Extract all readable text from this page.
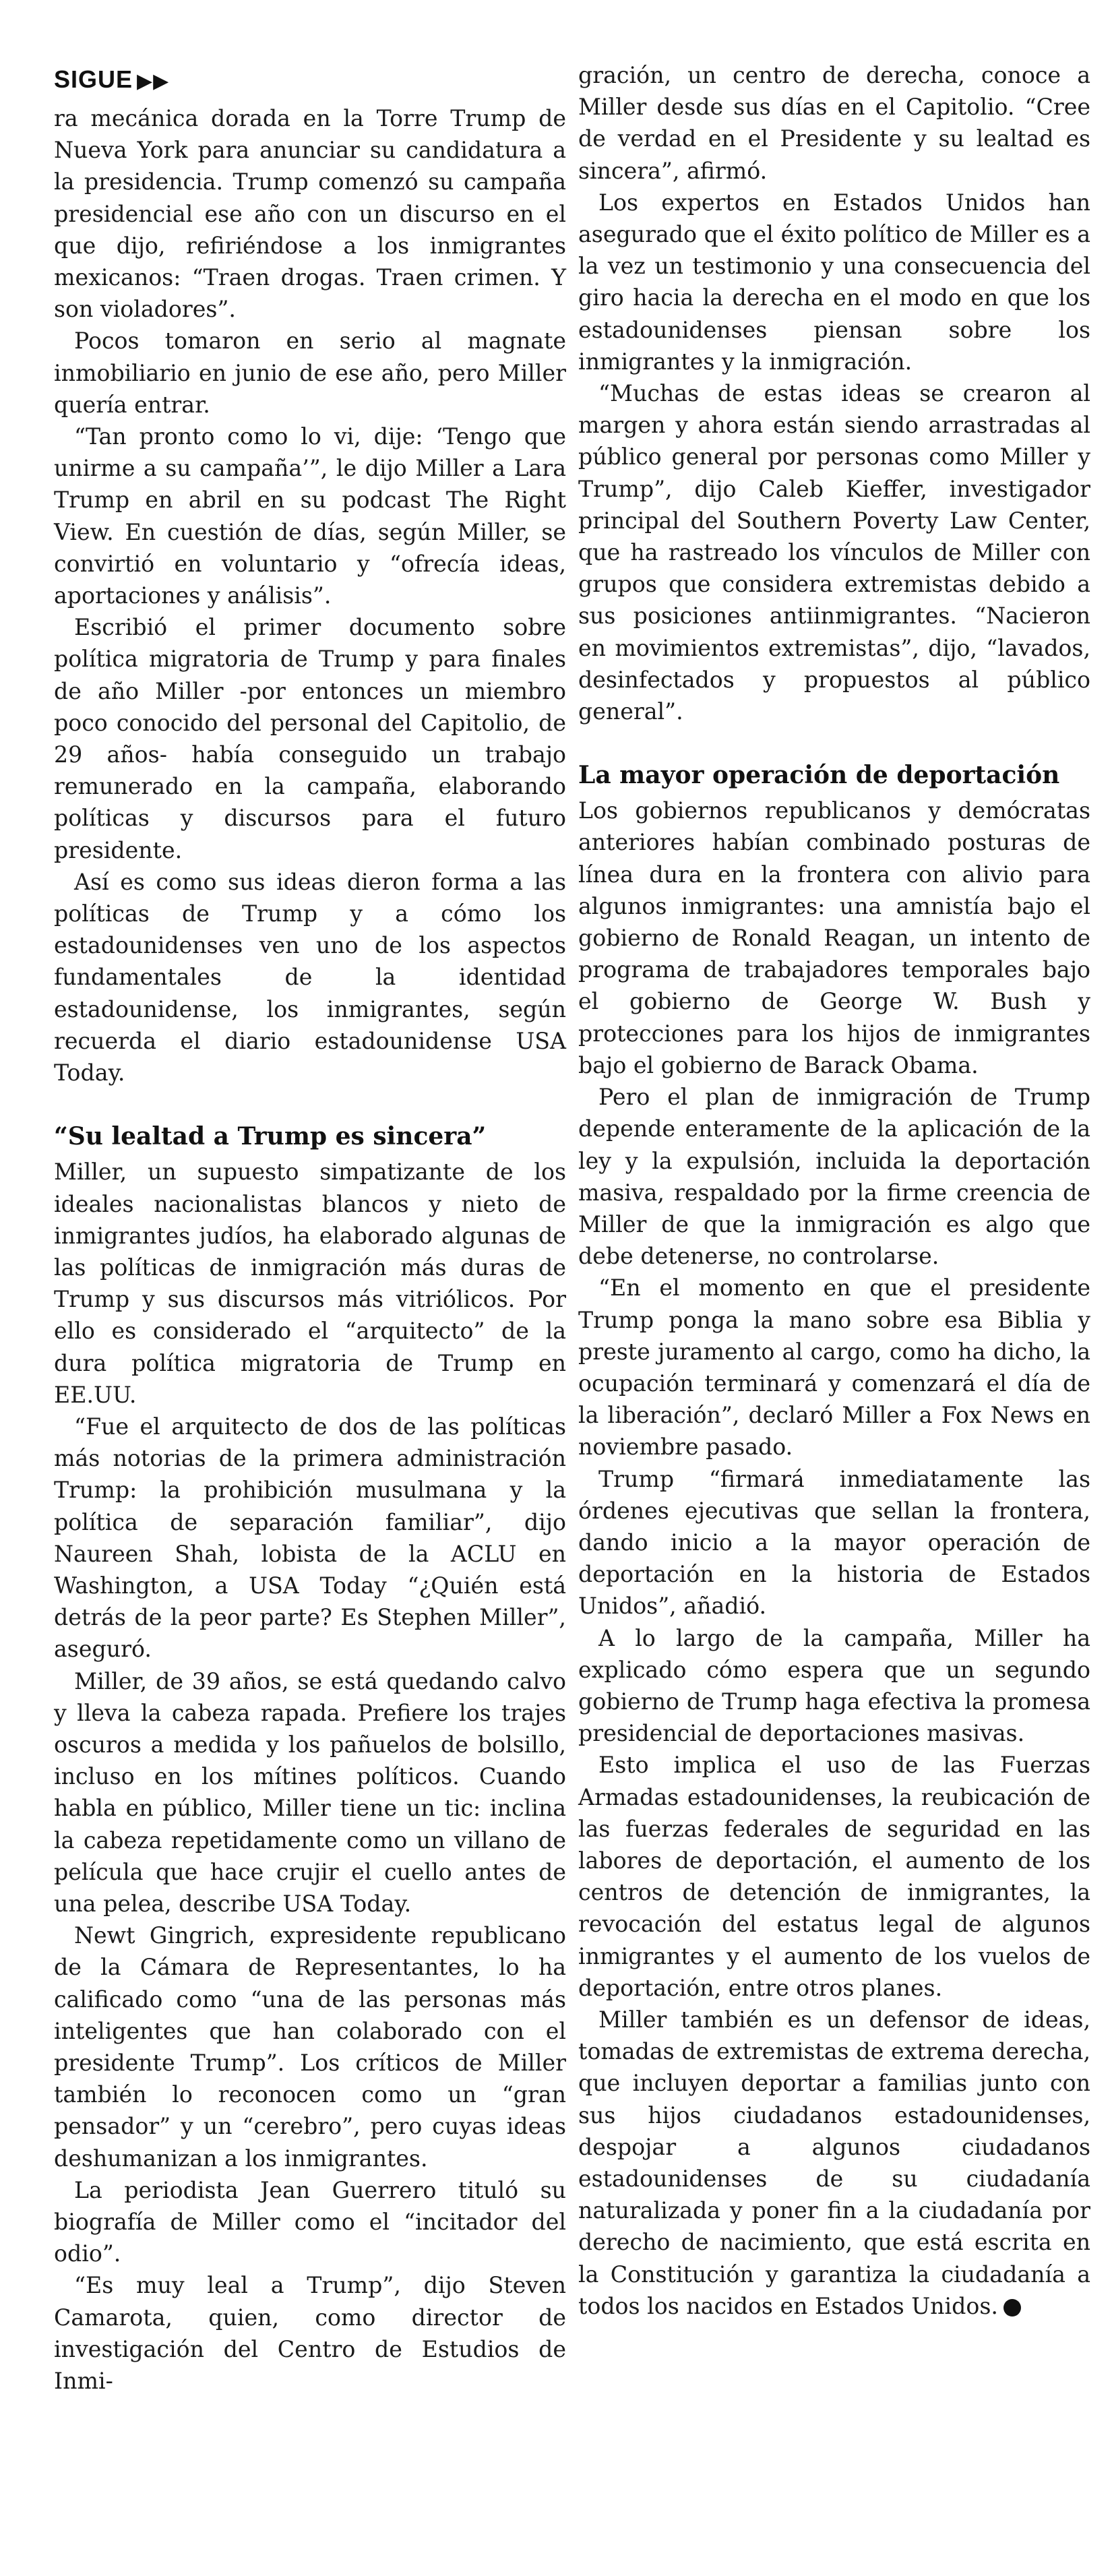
SIGUE ▶▶

ra mecánica dorada en la Torre Trump de Nueva York para anunciar su candidatura a la presidencia. Trump comenzó su campaña presidencial ese año con un discurso en el que dijo, refiriéndose a los inmigrantes mexicanos: “Traen drogas. Traen crimen. Y son violadores”.

Pocos tomaron en serio al magnate inmobiliario en junio de ese año, pero Miller quería entrar.

“Tan pronto como lo vi, dije: ‘Tengo que unirme a su campaña’”, le dijo Miller a Lara Trump en abril en su podcast The Right View. En cuestión de días, según Miller, se convirtió en voluntario y “ofrecía ideas, aportaciones y análisis”.

Escribió el primer documento sobre política migratoria de Trump y para finales de año Miller -por entonces un miembro poco conocido del personal del Capitolio, de 29 años- había conseguido un trabajo remunerado en la campaña, elaborando políticas y discursos para el futuro presidente.

Así es como sus ideas dieron forma a las políticas de Trump y a cómo los estadounidenses ven uno de los aspectos fundamentales de la identidad estadounidense, los inmigrantes, según recuerda el diario estadounidense USA Today.

“Su lealtad a Trump es sincera”

Miller, un supuesto simpatizante de los ideales nacionalistas blancos y nieto de inmigrantes judíos, ha elaborado algunas de las políticas de inmigración más duras de Trump y sus discursos más vitriólicos. Por ello es considerado el “arquitecto” de la dura política migratoria de Trump en EE.UU.

“Fue el arquitecto de dos de las políticas más notorias de la primera administración Trump: la prohibición musulmana y la política de separación familiar”, dijo Naureen Shah, lobista de la ACLU en Washington, a USA Today “¿Quién está detrás de la peor parte? Es Stephen Miller”, aseguró.

Miller, de 39 años, se está quedando calvo y lleva la cabeza rapada. Prefiere los trajes oscuros a medida y los pañuelos de bolsillo, incluso en los mítines políticos. Cuando habla en público, Miller tiene un tic: inclina la cabeza repetidamente como un villano de película que hace crujir el cuello antes de una pelea, describe USA Today.

Newt Gingrich, expresidente republicano de la Cámara de Representantes, lo ha calificado como “una de las personas más inteligentes que han colaborado con el presidente Trump”. Los críticos de Miller también lo reconocen como un “gran pensador” y un “cerebro”, pero cuyas ideas deshumanizan a los inmigrantes.

La periodista Jean Guerrero tituló su biografía de Miller como el “incitador del odio”.

“Es muy leal a Trump”, dijo Steven Camarota, quien, como director de investigación del Centro de Estudios de Inmi-

gración, un centro de derecha, conoce a Miller desde sus días en el Capitolio. “Cree de verdad en el Presidente y su lealtad es sincera”, afirmó.

Los expertos en Estados Unidos han asegurado que el éxito político de Miller es a la vez un testimonio y una consecuencia del giro hacia la derecha en el modo en que los estadounidenses piensan sobre los inmigrantes y la inmigración.

“Muchas de estas ideas se crearon al margen y ahora están siendo arrastradas al público general por personas como Miller y Trump”, dijo Caleb Kieffer, investigador principal del Southern Poverty Law Center, que ha rastreado los vínculos de Miller con grupos que considera extremistas debido a sus posiciones antiinmigrantes. “Nacieron en movimientos extremistas”, dijo, “lavados, desinfectados y propuestos al público general”.

La mayor operación de deportación

Los gobiernos republicanos y demócratas anteriores habían combinado posturas de línea dura en la frontera con alivio para algunos inmigrantes: una amnistía bajo el gobierno de Ronald Reagan, un intento de programa de trabajadores temporales bajo el gobierno de George W. Bush y protecciones para los hijos de inmigrantes bajo el gobierno de Barack Obama.

Pero el plan de inmigración de Trump depende enteramente de la aplicación de la ley y la expulsión, incluida la deportación masiva, respaldado por la firme creencia de Miller de que la inmigración es algo que debe detenerse, no controlarse.

“En el momento en que el presidente Trump ponga la mano sobre esa Biblia y preste juramento al cargo, como ha dicho, la ocupación terminará y comenzará el día de la liberación”, declaró Miller a Fox News en noviembre pasado.

Trump “firmará inmediatamente las órdenes ejecutivas que sellan la frontera, dando inicio a la mayor operación de deportación en la historia de Estados Unidos”, añadió.

A lo largo de la campaña, Miller ha explicado cómo espera que un segundo gobierno de Trump haga efectiva la promesa presidencial de deportaciones masivas.

Esto implica el uso de las Fuerzas Armadas estadounidenses, la reubicación de las fuerzas federales de seguridad en las labores de deportación, el aumento de los centros de detención de inmigrantes, la revocación del estatus legal de algunos inmigrantes y el aumento de los vuelos de deportación, entre otros planes.

Miller también es un defensor de ideas, tomadas de extremistas de extrema derecha, que incluyen deportar a familias junto con sus hijos ciudadanos estadounidenses, despojar a algunos ciudadanos estadounidenses de su ciudadanía naturalizada y poner fin a la ciudadanía por derecho de nacimiento, que está escrita en la Constitución y garantiza la ciudadanía a todos los nacidos en Estados Unidos.
